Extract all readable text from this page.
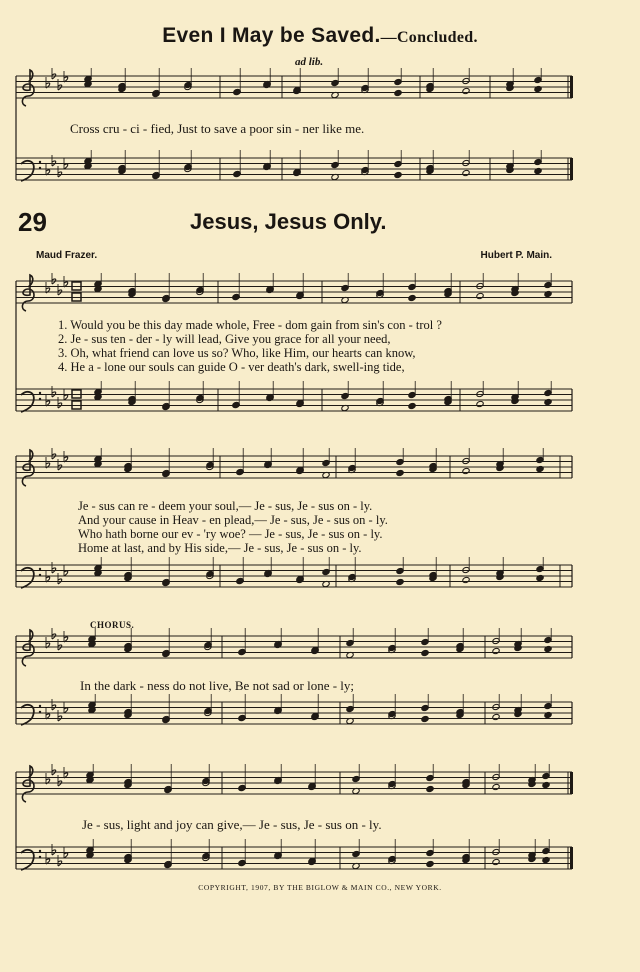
Even I May be Saved.—Concluded.
ad lib.
Cross cru - ci - fied, Just to save a poor sin - ner like me.
29	Jesus, Jesus Only.
Maud Frazer.	Hubert P. Main.
1. Would you be this day made whole, Free - dom gain from sin's con - trol ?
2. Je - sus ten - der - ly will lead, Give you grace for all your need,
3. Oh, what friend can love us so? Who, like Him, our hearts can know,
4. He a - lone our souls can guide O - ver death's dark, swell-ing tide,
Je - sus can re - deem your soul,— Je - sus, Je - sus on - ly.
And your cause in Heav - en plead,— Je - sus, Je - sus on - ly.
Who hath borne our ev - 'ry woe? — Je - sus, Je - sus on - ly.
Home at last, and by His side,— Je - sus, Je - sus on - ly.
CHORUS.
In the dark - ness do not live, Be not sad or lone - ly;
Je - sus, light and joy can give,— Je - sus, Je - sus on - ly.
COPYRIGHT, 1907, BY THE BIGLOW & MAIN CO., NEW YORK.
